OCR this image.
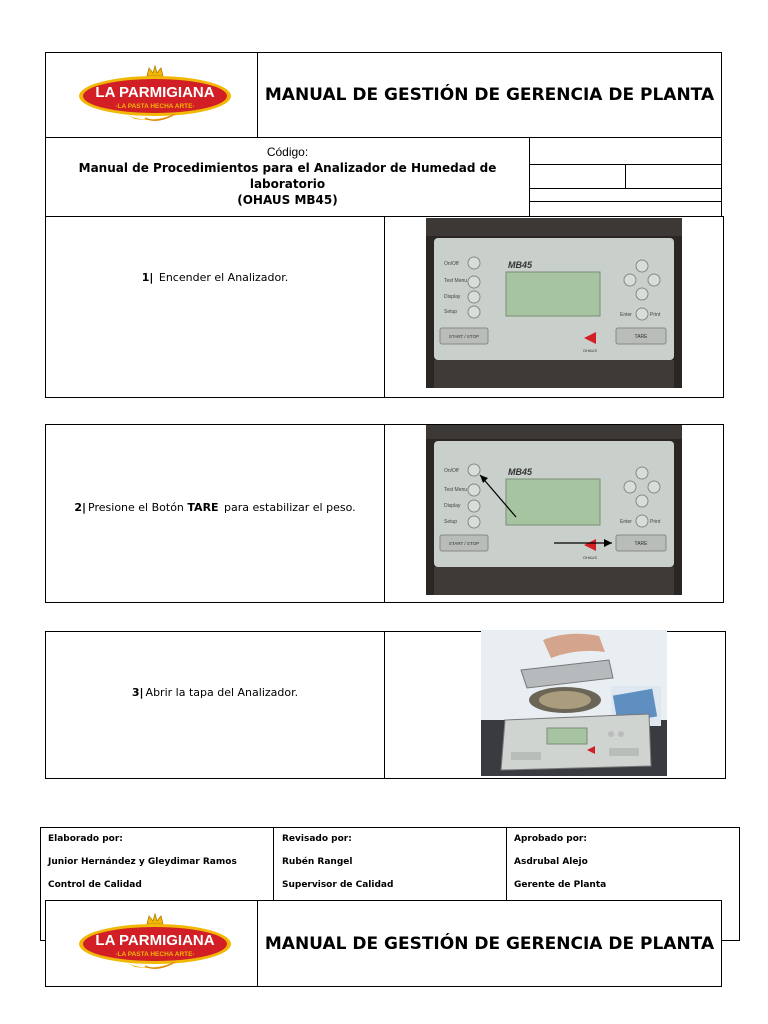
MANUAL DE GESTIÓN DE GERENCIA DE PLANTA
LA PARMIGIANA
·LA PASTA HECHA ARTE·
Código:
Manual de Procedimientos para el Analizador de Humedad de laboratorio
(OHAUS MB45)
1| Encender el Analizador.
MB45
On/Off
Test Menu
Display
Setup
START / STOP
Enter	Print
TARE
OHAUS
2| Presione el Botón TARE para estabilizar el peso.
MB45
On/Off
Test Menu
Display
Setup
START / STOP
Enter	Print
TARE
OHAUS
3| Abrir la tapa del Analizador.
Elaborado por:
Junior Hernández y Gleydimar Ramos
Control de Calidad
Revisado por:
Rubén Rangel
Supervisor de Calidad
Aprobado por:
Asdrubal Alejo
Gerente de Planta
MANUAL DE GESTIÓN DE GERENCIA DE PLANTA
LA PARMIGIANA
·LA PASTA HECHA ARTE·
